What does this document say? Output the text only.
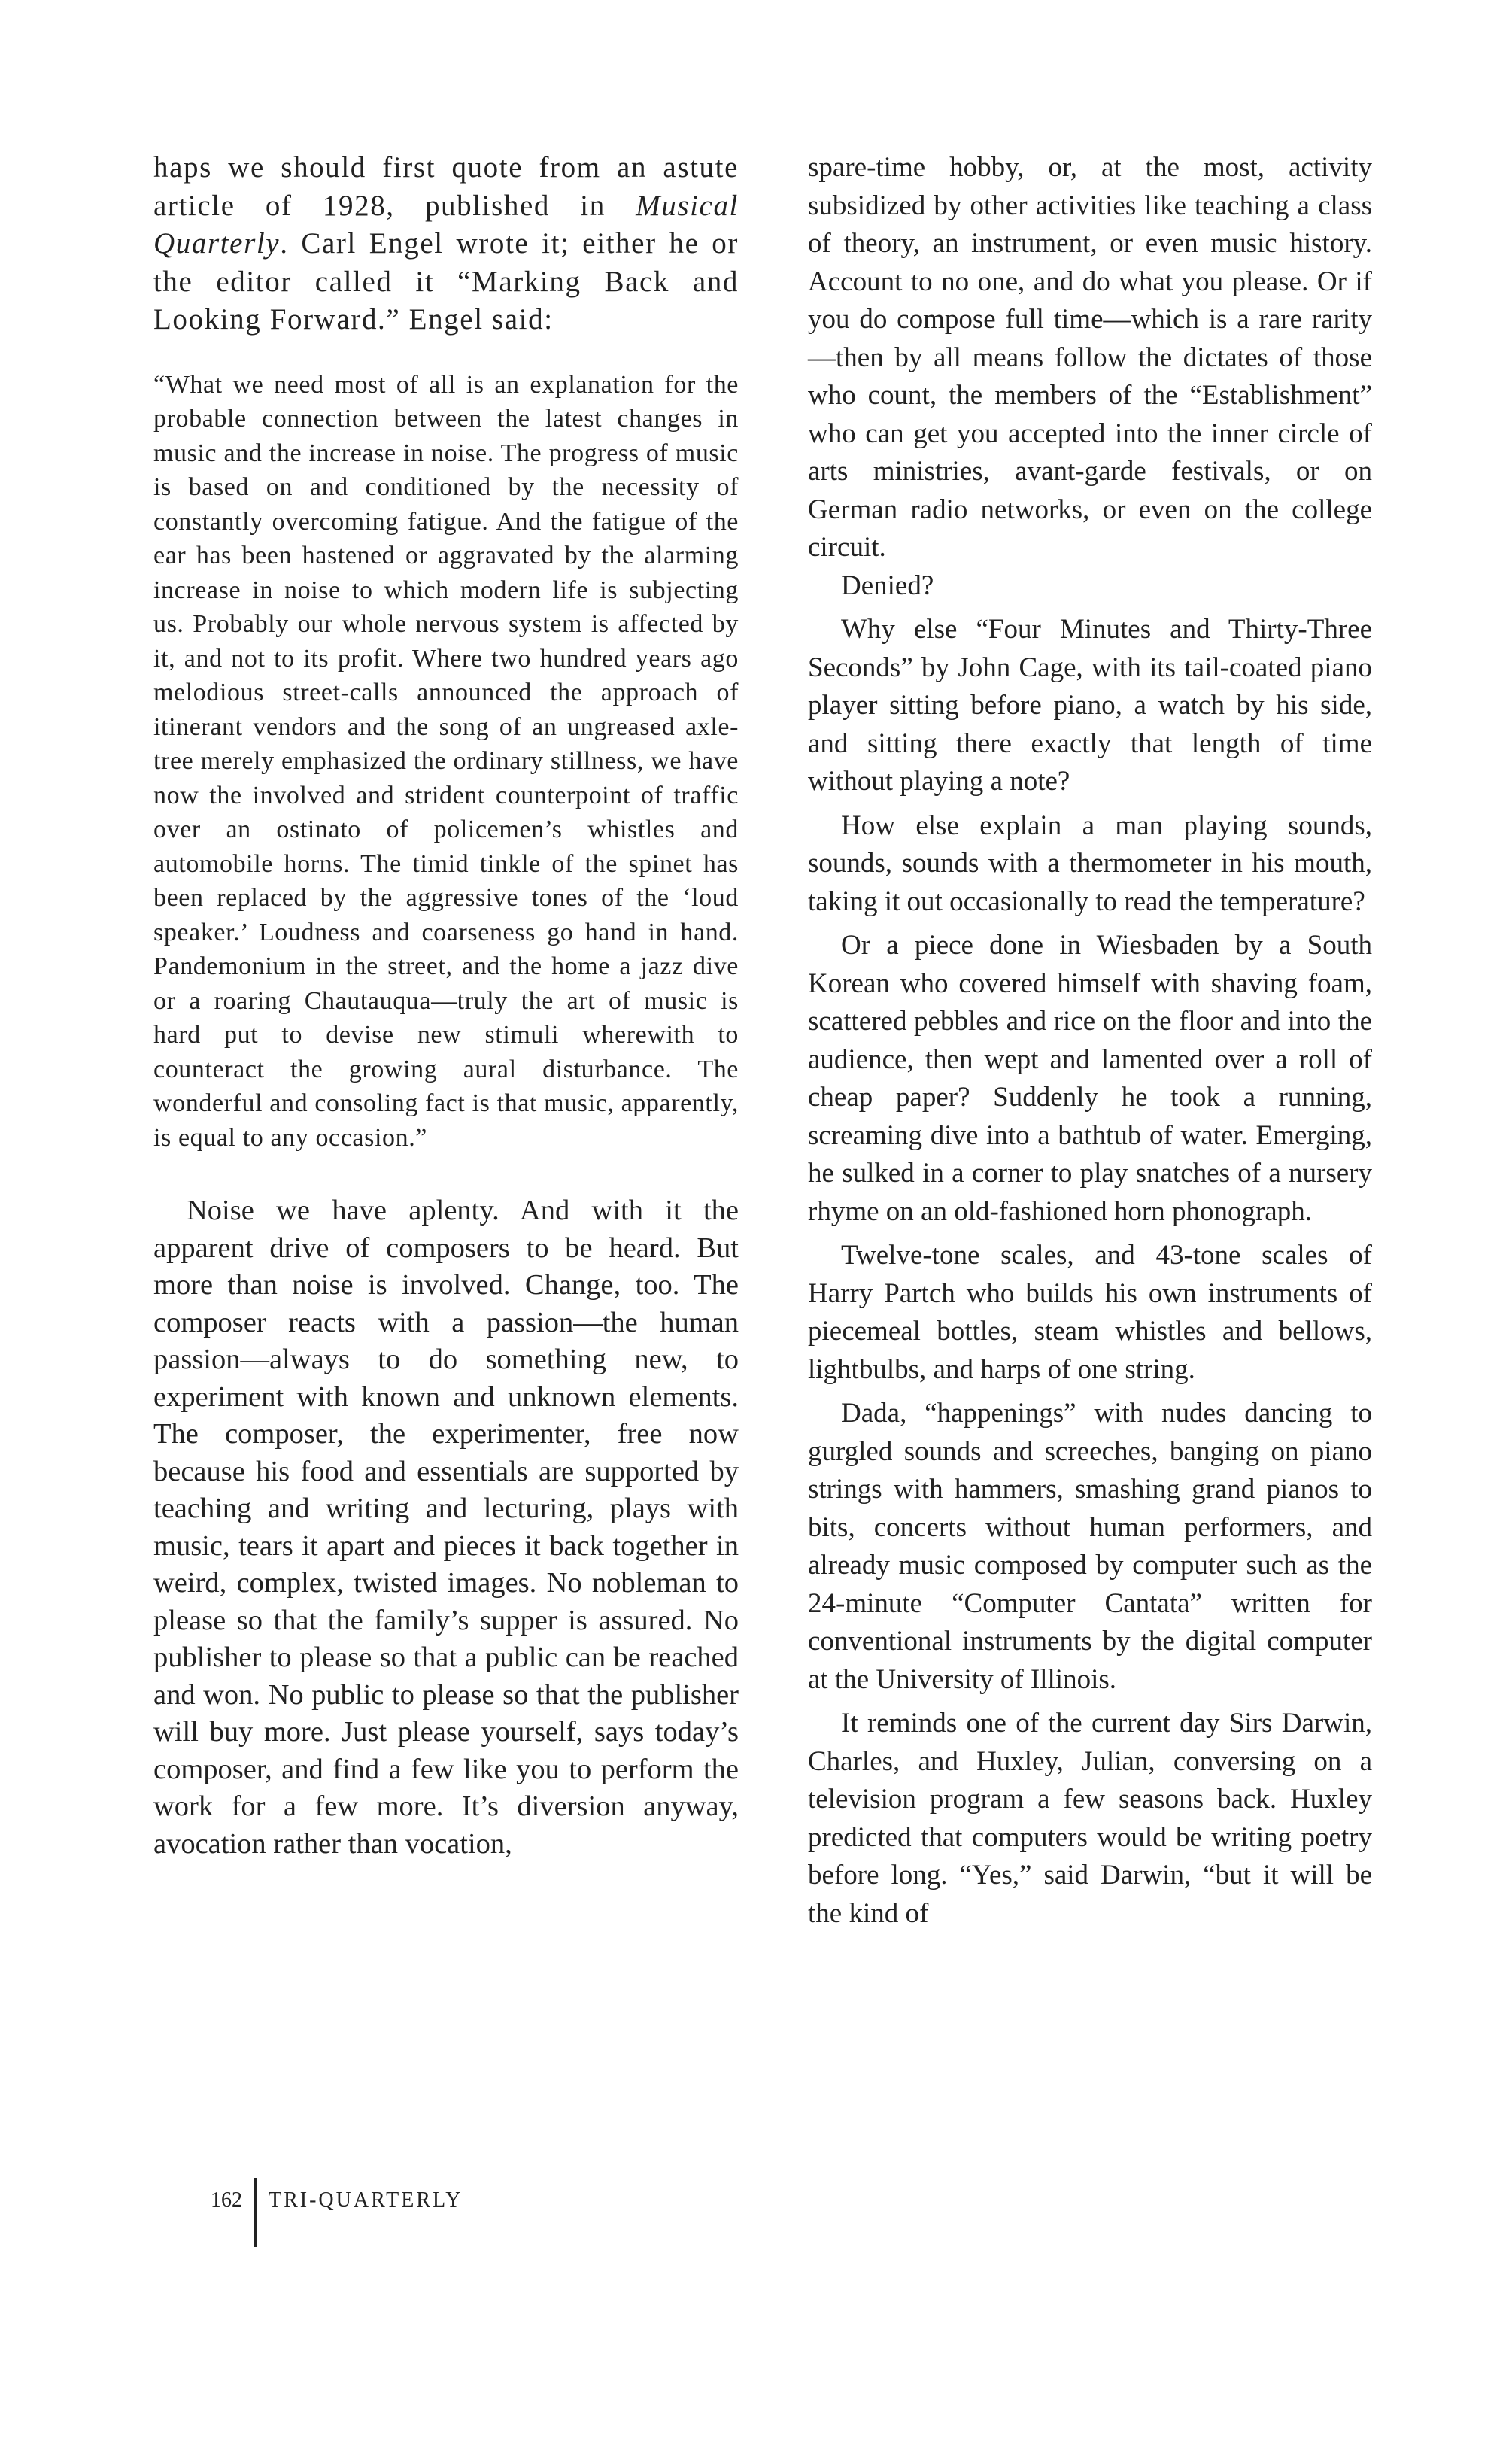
haps we should first quote from an astute article of 1928, published in Musical Quarterly. Carl Engel wrote it; either he or the editor called it “Marking Back and Looking Forward.” Engel said:

“What we need most of all is an explanation for the probable connection between the latest changes in music and the increase in noise. The progress of music is based on and conditioned by the necessity of constantly overcoming fatigue. And the fatigue of the ear has been hastened or aggravated by the alarming increase in noise to which modern life is subjecting us. Probably our whole nervous system is affected by it, and not to its profit. Where two hundred years ago melodious street-calls announced the approach of itinerant vendors and the song of an ungreased axle-tree merely emphasized the ordinary stillness, we have now the involved and strident counterpoint of traffic over an ostinato of policemen’s whistles and automobile horns. The timid tinkle of the spinet has been replaced by the aggressive tones of the ‘loud speaker.’ Loudness and coarseness go hand in hand. Pandemonium in the street, and the home a jazz dive or a roaring Chautauqua—truly the art of music is hard put to devise new stimuli wherewith to counteract the growing aural disturbance. The wonderful and consoling fact is that music, apparently, is equal to any occasion.”

Noise we have aplenty. And with it the apparent drive of composers to be heard. But more than noise is involved. Change, too. The composer reacts with a passion—the human passion—always to do something new, to experiment with known and unknown elements. The composer, the experimenter, free now because his food and essentials are supported by teaching and writing and lecturing, plays with music, tears it apart and pieces it back together in weird, complex, twisted images. No nobleman to please so that the family’s supper is assured. No publisher to please so that a public can be reached and won. No public to please so that the publisher will buy more. Just please yourself, says today’s composer, and find a few like you to perform the work for a few more. It’s diversion anyway, avocation rather than vocation,

spare-time hobby, or, at the most, activity subsidized by other activities like teaching a class of theory, an instrument, or even music history. Account to no one, and do what you please. Or if you do compose full time—which is a rare rarity—then by all means follow the dictates of those who count, the members of the “Establishment” who can get you accepted into the inner circle of arts ministries, avant-garde festivals, or on German radio networks, or even on the college circuit.

Denied?

Why else “Four Minutes and Thirty-Three Seconds” by John Cage, with its tail-coated piano player sitting before piano, a watch by his side, and sitting there exactly that length of time without playing a note?

How else explain a man playing sounds, sounds, sounds with a thermometer in his mouth, taking it out occasionally to read the temperature?

Or a piece done in Wiesbaden by a South Korean who covered himself with shaving foam, scattered pebbles and rice on the floor and into the audience, then wept and lamented over a roll of cheap paper? Suddenly he took a running, screaming dive into a bathtub of water. Emerging, he sulked in a corner to play snatches of a nursery rhyme on an old-fashioned horn phonograph.

Twelve-tone scales, and 43-tone scales of Harry Partch who builds his own instruments of piecemeal bottles, steam whistles and bellows, lightbulbs, and harps of one string.

Dada, “happenings” with nudes dancing to gurgled sounds and screeches, banging on piano strings with hammers, smashing grand pianos to bits, concerts without human performers, and already music composed by computer such as the 24-minute “Computer Cantata” written for conventional instruments by the digital computer at the University of Illinois.

It reminds one of the current day Sirs Darwin, Charles, and Huxley, Julian, conversing on a television program a few seasons back. Huxley predicted that computers would be writing poetry before long. “Yes,” said Darwin, “but it will be the kind of

162	TRI-QUARTERLY
